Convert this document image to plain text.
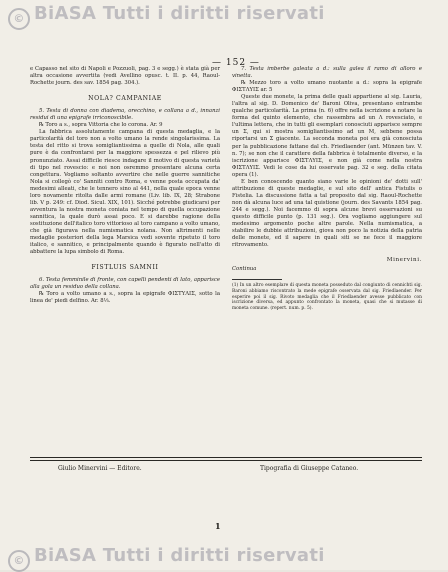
© BiASA Tutti i diritti riservati
— 152 —

e Capasso nel sito di Napoli e Pozzuoli, pag. 3 e segg.) è stata già per altra occasione avvertita (vedi Avellino opusc. t. II. p. 44, Raoul-Rochette journ. des sav. 1854 pag. 304.).

NOLA? CAMPANIAE

5. Testa di donna con diadema, orecchino, e collana a d., innanzi residui di una epigrafe irriconoscibile.

℞ Toro a s., sopra Vittoria che lo corona. Ar. 9

La fabbrica assolutamente campana di questa medaglia, e la particolarità del toro non a volto umano la rende singolarissima. La testa del ritto si trova somigliantissima a quelle di Nola, alle quali pure è da confrontarsi per la maggiore spessezza e pel rilievo più pronunziato. Assai difficile riesce indagare il motivo di questa varietà di tipo nel rovescio: e noi non osremmo presentare alcuna certa congettura. Vogliamo soltanto avvertire che nelle guerre sannitiche Nola si collegò co' Sanniti contro Roma, e venne posta occupata da' medesimi alleati, che le tennero sino al 441, nella quale epoca venne loro novamente ritolta dalle armi romane (Liv. lib. IX, 28; Strabone lib. V p. 249: cf. Diod. Sicul. XIX, 101). Sicché potrebbe giudicarsi per avventura la nostra moneta coniata nel tempo di quella occupazione sannitica, la quale durò assai poco. E si darebbe ragione della sostituzione dell'italico toro vittorioso al toro campano a volto umano, che già figurava nella numismatica nolana. Non altrimenti nelle medaglie posteriori della lega Marsica vedi sovente ripetuto il toro italico, e sannitico, e principalmente quando è figurato nell'atto di abbattere la lupa simbolo di Roma.

FISTLUIS SAMNII

6. Testa femminile di fronte, con capelli pendenti di lato, apparisce alla gola un residuo della collana.

℞ Toro a volto umano a s., sopra la epigrafe ΦΙΣΤΥΛΙΣ, sotto la linea de' piedi delfino. Ar. 8⅓.

7. Testa imberbe galeata a d.: sulla galea il ramo di alloro e vinetta.

℞ Mezzo toro a volto umano nuotante a d.: sopra la epigrafe ΦΙΣΤΛΥΙΣ ar. 5

Queste due monete, la prima delle quali appartiene al sig. Lauria, l'altra al sig. D. Domenico de' Baroni Oliva, presentano entrambe qualche particolarità. La prima (n. 6) offre nella iscrizione a notare la forma del quinto elemento, che rassembra ad un Λ rovesciato, e l'ultima lettera, che in tutti gli esemplari conosciuti apparisce sempre un Σ, qui si mostra somigliantissimo ad un M, sebbene possa riportarsi un Σ giacente. La seconda moneta poi era già conosciuta per la pubblicazione fattane dal ch. Friedlaender (ant. Münzen tav. V. n. 7); se non che il carattere della fabbrica è totalmente diverso, e la iscrizione apparisce ΦΙΣΤΛΥΙΣ, e non già come nella nostra ΦΙΣΤΛΥΙΣ. Vedi le cose da lui osservate pag. 32 e seg. della citata opera (1).

E ben conoscendo quanto siano varie le opinioni de' dotti sull' attribuzione di queste medaglie, e sul sito dell' antica Fistulis o Fistelia. La discussione fatta a tal proposito dal sig. Raoul-Rochette non dà alcuna luce ad una tal quistione (journ. des Savants 1854 pag. 244 e segg.). Noi facemmo di sopra alcune brevi osservazioni su questo difficile punto (p. 131 seg.). Ora vogliamo aggiungere sul medesimo argomento poche altre parole. Nella numismatica, a stabilire le dubbie attribuzioni, giova non poco la notizia della patria delle monete, ed il sapere in quali siti se ne fece il maggiore ritrovamento.

Minervini.

Continua

(1) In un altro esemplare di questa moneta posseduto dal congiunto di cennichti sig. Baroni abbiamo riscontrato la mede epigrafe osservata dal sig. Friedlaender. Per esperire poi il sig. Rivoto medaglia che il Friedlaender avesse pubblicato con iscrizione diversa, ed appunto confrontato la moneta, quasi che si mutasse di moneta comune. (repert. num. p. 5).

Giulio Minervini — Editore.	Tipografia di Giuseppe Cataneo.
1
© BiASA Tutti i diritti riservati
